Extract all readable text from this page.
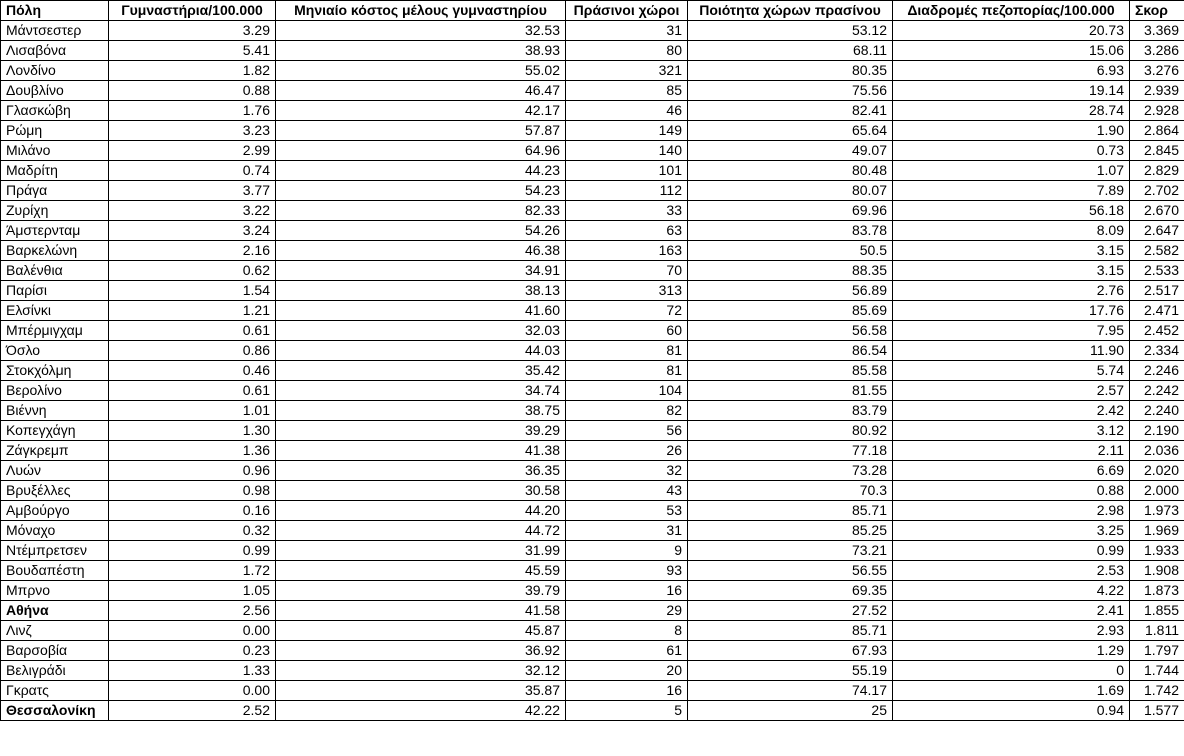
Πόλη	Γυμναστήρια/100.000	Μηνιαίο κόστος μέλους γυμναστηρίου	Πράσινοι χώροι	Ποιότητα χώρων πρασίνου	Διαδρομές πεζοπορίας/100.000	Σκορ
Μάντσεστερ	3.29	32.53	31	53.12	20.73	3.369
Λισαβόνα	5.41	38.93	80	68.11	15.06	3.286
Λονδίνο	1.82	55.02	321	80.35	6.93	3.276
Δουβλίνο	0.88	46.47	85	75.56	19.14	2.939
Γλασκώβη	1.76	42.17	46	82.41	28.74	2.928
Ρώμη	3.23	57.87	149	65.64	1.90	2.864
Μιλάνο	2.99	64.96	140	49.07	0.73	2.845
Μαδρίτη	0.74	44.23	101	80.48	1.07	2.829
Πράγα	3.77	54.23	112	80.07	7.89	2.702
Ζυρίχη	3.22	82.33	33	69.96	56.18	2.670
Άμστερνταμ	3.24	54.26	63	83.78	8.09	2.647
Βαρκελώνη	2.16	46.38	163	50.5	3.15	2.582
Βαλένθια	0.62	34.91	70	88.35	3.15	2.533
Παρίσι	1.54	38.13	313	56.89	2.76	2.517
Ελσίνκι	1.21	41.60	72	85.69	17.76	2.471
Μπέρμιγχαμ	0.61	32.03	60	56.58	7.95	2.452
Όσλο	0.86	44.03	81	86.54	11.90	2.334
Στοκχόλμη	0.46	35.42	81	85.58	5.74	2.246
Βερολίνο	0.61	34.74	104	81.55	2.57	2.242
Βιέννη	1.01	38.75	82	83.79	2.42	2.240
Κοπεγχάγη	1.30	39.29	56	80.92	3.12	2.190
Ζάγκρεμπ	1.36	41.38	26	77.18	2.11	2.036
Λυών	0.96	36.35	32	73.28	6.69	2.020
Βρυξέλλες	0.98	30.58	43	70.3	0.88	2.000
Αμβούργο	0.16	44.20	53	85.71	2.98	1.973
Μόναχο	0.32	44.72	31	85.25	3.25	1.969
Ντέμπρετσεν	0.99	31.99	9	73.21	0.99	1.933
Βουδαπέστη	1.72	45.59	93	56.55	2.53	1.908
Μπρνο	1.05	39.79	16	69.35	4.22	1.873
Αθήνα	2.56	41.58	29	27.52	2.41	1.855
Λινζ	0.00	45.87	8	85.71	2.93	1.811
Βαρσοβία	0.23	36.92	61	67.93	1.29	1.797
Βελιγράδι	1.33	32.12	20	55.19	0	1.744
Γκρατς	0.00	35.87	16	74.17	1.69	1.742
Θεσσαλονίκη	2.52	42.22	5	25	0.94	1.577
